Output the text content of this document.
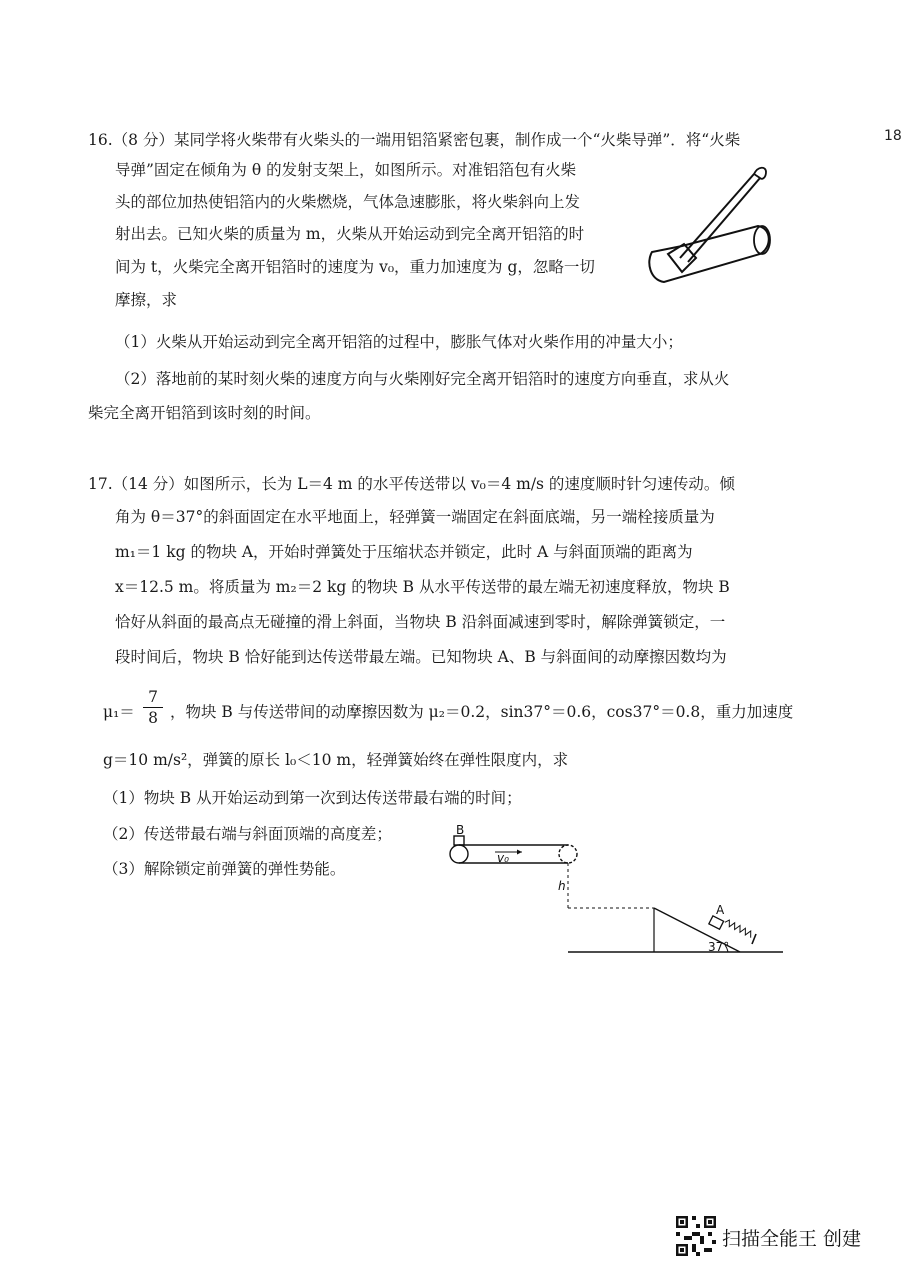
18
16.（8 分）某同学将火柴带有火柴头的一端用铝箔紧密包裹，制作成一个“火柴导弹”．将“火柴
导弹”固定在倾角为 θ 的发射支架上，如图所示。对准铝箔包有火柴
头的部位加热使铝箔内的火柴燃烧，气体急速膨胀，将火柴斜向上发
射出去。已知火柴的质量为 m，火柴从开始运动到完全离开铝箔的时
间为 t，火柴完全离开铝箔时的速度为 v₀，重力加速度为 g，忽略一切
摩擦，求
（1）火柴从开始运动到完全离开铝箔的过程中，膨胀气体对火柴作用的冲量大小；
（2）落地前的某时刻火柴的速度方向与火柴刚好完全离开铝箔时的速度方向垂直，求从火
柴完全离开铝箔到该时刻的时间。
17.（14 分）如图所示，长为 L＝4 m 的水平传送带以 v₀＝4 m/s 的速度顺时针匀速传动。倾
角为 θ＝37°的斜面固定在水平地面上，轻弹簧一端固定在斜面底端，另一端栓接质量为
m₁＝1 kg 的物块 A，开始时弹簧处于压缩状态并锁定，此时 A 与斜面顶端的距离为
x＝12.5 m。将质量为 m₂＝2 kg 的物块 B 从水平传送带的最左端无初速度释放，物块 B
恰好从斜面的最高点无碰撞的滑上斜面，当物块 B 沿斜面减速到零时，解除弹簧锁定，一
段时间后，物块 B 恰好能到达传送带最左端。已知物块 A、B 与斜面间的动摩擦因数均为
μ₁＝
7
8 ，物块 B 与传送带间的动摩擦因数为 μ₂＝0.2，sin37°＝0.6，cos37°＝0.8，重力加速度
g＝10 m/s²，弹簧的原长 l₀＜10 m，轻弹簧始终在弹性限度内，求
（1）物块 B 从开始运动到第一次到达传送带最右端的时间；
（2）传送带最右端与斜面顶端的高度差；
（3）解除锁定前弹簧的弹性势能。
B
v₀
h
A
37°
扫描全能王 创建
